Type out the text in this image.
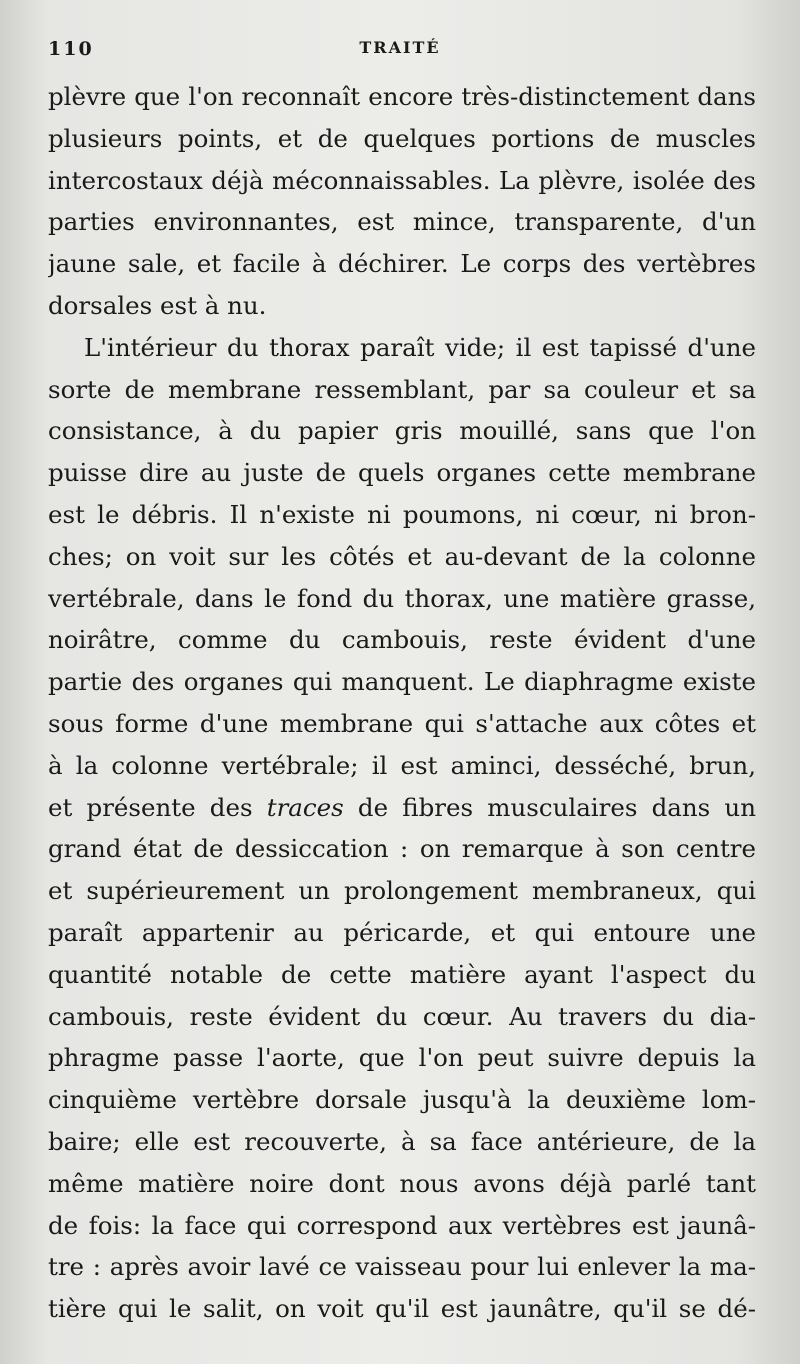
110	TRAITÉ
plèvre que l'on reconnaît encore très-distinctement dans
plusieurs points, et de quelques portions de muscles
intercostaux déjà méconnaissables. La plèvre, isolée des
parties environnantes, est mince, transparente, d'un
jaune sale, et facile à déchirer. Le corps des vertèbres
dorsales est à nu.
L'intérieur du thorax paraît vide; il est tapissé d'une
sorte de membrane ressemblant, par sa couleur et sa
consistance, à du papier gris mouillé, sans que l'on
puisse dire au juste de quels organes cette membrane
est le débris. Il n'existe ni poumons, ni cœur, ni bron-
ches; on voit sur les côtés et au-devant de la colonne
vertébrale, dans le fond du thorax, une matière grasse,
noirâtre, comme du cambouis, reste évident d'une
partie des organes qui manquent. Le diaphragme existe
sous forme d'une membrane qui s'attache aux côtes et
à la colonne vertébrale; il est aminci, desséché, brun,
et présente des traces de fibres musculaires dans un
grand état de dessiccation : on remarque à son centre
et supérieurement un prolongement membraneux, qui
paraît appartenir au péricarde, et qui entoure une
quantité notable de cette matière ayant l'aspect du
cambouis, reste évident du cœur. Au travers du dia-
phragme passe l'aorte, que l'on peut suivre depuis la
cinquième vertèbre dorsale jusqu'à la deuxième lom-
baire; elle est recouverte, à sa face antérieure, de la
même matière noire dont nous avons déjà parlé tant
de fois: la face qui correspond aux vertèbres est jaunâ-
tre : après avoir lavé ce vaisseau pour lui enlever la ma-
tière qui le salit, on voit qu'il est jaunâtre, qu'il se dé-
